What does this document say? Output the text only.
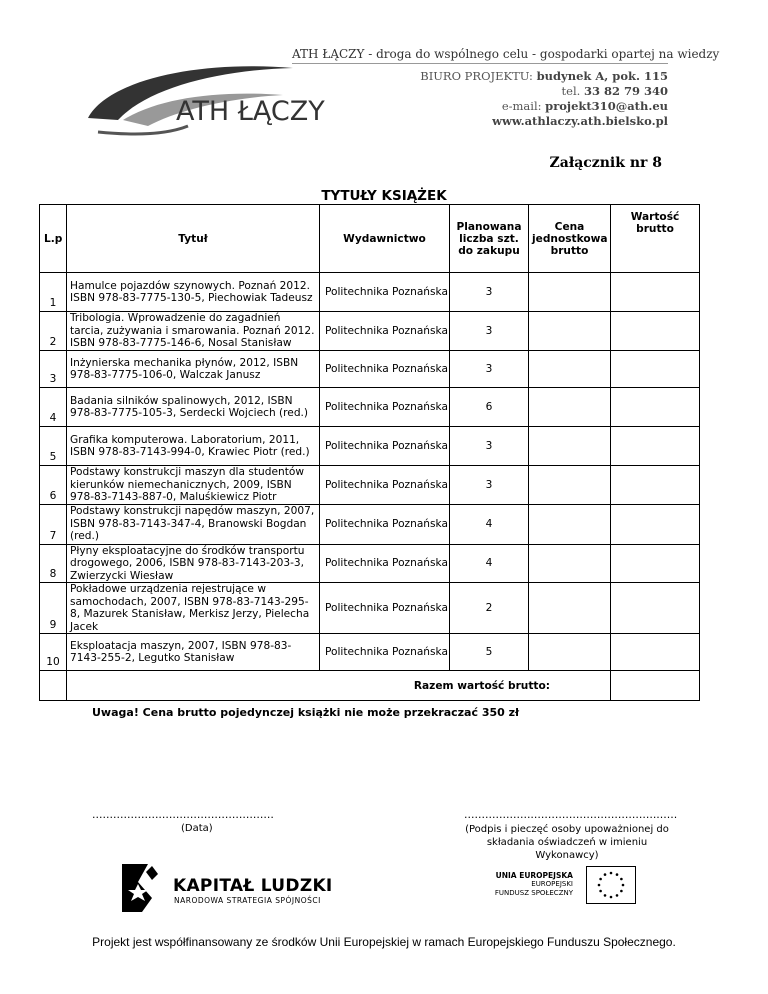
ATH ŁĄCZY
ATH ŁĄCZY - droga do wspólnego celu - gospodarki opartej na wiedzy
BIURO PROJEKTU: budynek A, pok. 115
tel. 33 82 79 340
e-mail: projekt310@ath.eu
www.athlaczy.ath.bielsko.pl
Załącznik nr 8
TYTUŁY KSIĄŻEK
L.p	Tytuł	Wydawnictwo	Planowana liczba szt. do zakupu	Cena jednostkowa brutto	Wartość brutto
1	Hamulce pojazdów szynowych. Poznań 2012. ISBN 978-83-7775-130-5, Piechowiak Tadeusz	Politechnika Poznańska	3		
2	Tribologia. Wprowadzenie do zagadnień tarcia, zużywania i smarowania. Poznań 2012. ISBN 978-83-7775-146-6, Nosal Stanisław	Politechnika Poznańska	3		
3	Inżynierska mechanika płynów, 2012, ISBN 978-83-7775-106-0, Walczak Janusz	Politechnika Poznańska	3		
4	Badania silników spalinowych, 2012, ISBN 978-83-7775-105-3, Serdecki Wojciech (red.)	Politechnika Poznańska	6		
5	Grafika komputerowa. Laboratorium, 2011, ISBN 978-83-7143-994-0, Krawiec Piotr (red.)	Politechnika Poznańska	3		
6	Podstawy konstrukcji maszyn dla studentów kierunków niemechanicznych, 2009, ISBN 978-83-7143-887-0, Maluśkiewicz Piotr	Politechnika Poznańska	3		
7	Podstawy konstrukcji napędów maszyn, 2007, ISBN 978-83-7143-347-4, Branowski Bogdan (red.)	Politechnika Poznańska	4		
8	Płyny eksploatacyjne do środków transportu drogowego, 2006, ISBN 978-83-7143-203-3, Zwierzycki Wiesław	Politechnika Poznańska	4		
9	Pokładowe urządzenia rejestrujące w samochodach, 2007, ISBN 978-83-7143-295-8, Mazurek Stanisław, Merkisz Jerzy, Pielecha Jacek	Politechnika Poznańska	2		
10	Eksploatacja maszyn, 2007, ISBN 978-83-7143-255-2, Legutko Stanisław	Politechnika Poznańska	5		
	Razem wartość brutto:				
Uwaga! Cena brutto pojedynczej książki nie może przekraczać 350 zł
....................................................
(Data)
.............................................................
(Podpis i pieczęć osoby upoważnionej do składania oświadczeń w imieniu Wykonawcy)
KAPITAŁ LUDZKI
NARODOWA STRATEGIA SPÓJNOŚCI
UNIA EUROPEJSKA
EUROPEJSKI
FUNDUSZ SPOŁECZNY
Projekt jest współfinansowany ze środków Unii Europejskiej w ramach Europejskiego Funduszu Społecznego.
